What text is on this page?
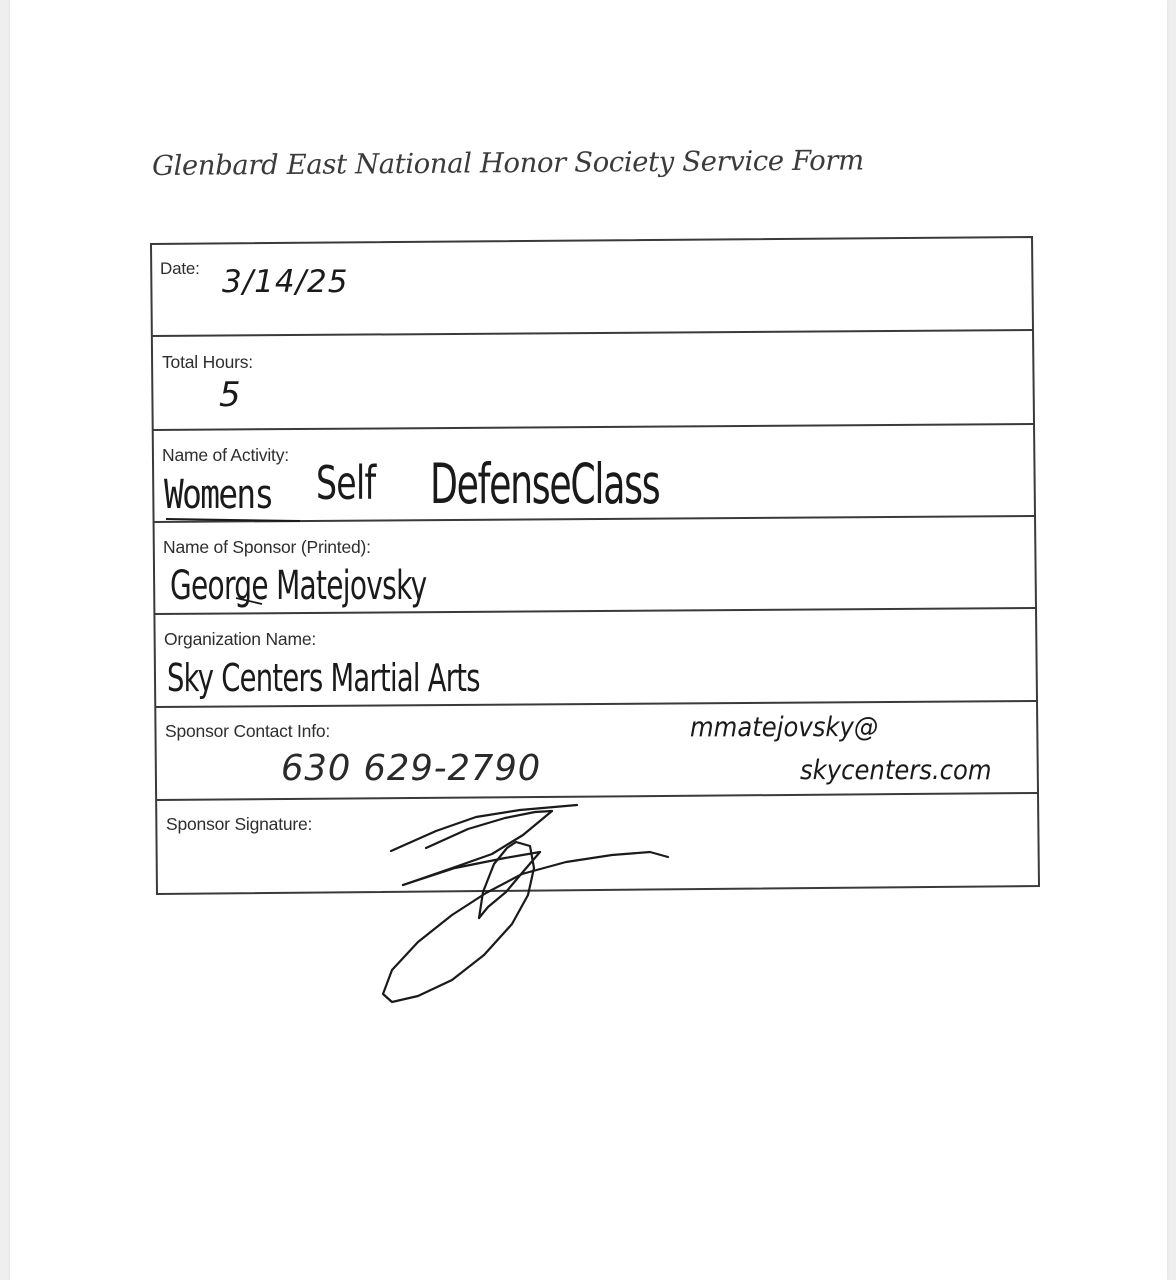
Glenbard East National Honor Society Service Form
Date:
Total Hours:
Name of Activity:
Name of Sponsor (Printed):
Organization Name:
Sponsor Contact Info:
Sponsor Signature:
3/14/25
5
Womens Self DefenseClass
George Matejovsky
Sky Centers Martial Arts
630 629-2790
mmatejovsky@
skycenters.com
